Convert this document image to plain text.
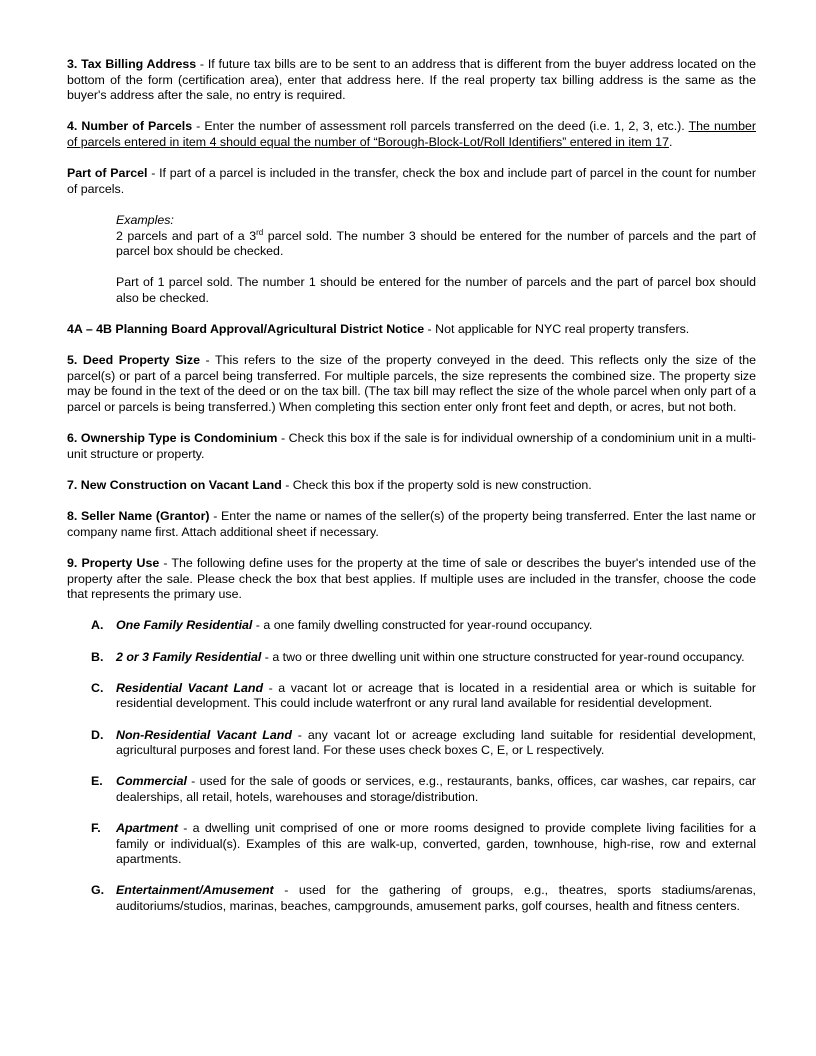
3. Tax Billing Address - If future tax bills are to be sent to an address that is different from the buyer address located on the bottom of the form (certification area), enter that address here. If the real property tax billing address is the same as the buyer's address after the sale, no entry is required.

4. Number of Parcels - Enter the number of assessment roll parcels transferred on the deed (i.e. 1, 2, 3, etc.). The number of parcels entered in item 4 should equal the number of “Borough-Block-Lot/Roll Identifiers” entered in item 17.

Part of Parcel - If part of a parcel is included in the transfer, check the box and include part of parcel in the count for number of parcels.

Examples:

2 parcels and part of a 3rd parcel sold. The number 3 should be entered for the number of parcels and the part of parcel box should be checked.

Part of 1 parcel sold. The number 1 should be entered for the number of parcels and the part of parcel box should also be checked.

4A – 4B Planning Board Approval/Agricultural District Notice - Not applicable for NYC real property transfers.

5. Deed Property Size - This refers to the size of the property conveyed in the deed. This reflects only the size of the parcel(s) or part of a parcel being transferred. For multiple parcels, the size represents the combined size. The property size may be found in the text of the deed or on the tax bill. (The tax bill may reflect the size of the whole parcel when only part of a parcel or parcels is being transferred.) When completing this section enter only front feet and depth, or acres, but not both.

6. Ownership Type is Condominium - Check this box if the sale is for individual ownership of a condominium unit in a multi-unit structure or property.

7. New Construction on Vacant Land - Check this box if the property sold is new construction.

8. Seller Name (Grantor) - Enter the name or names of the seller(s) of the property being transferred. Enter the last name or company name first. Attach additional sheet if necessary.

9. Property Use - The following define uses for the property at the time of sale or describes the buyer's intended use of the property after the sale. Please check the box that best applies. If multiple uses are included in the transfer, choose the code that represents the primary use.

A. One Family Residential - a one family dwelling constructed for year-round occupancy.

B. 2 or 3 Family Residential - a two or three dwelling unit within one structure constructed for year-round occupancy.

C. Residential Vacant Land - a vacant lot or acreage that is located in a residential area or which is suitable for residential development. This could include waterfront or any rural land available for residential development.

D. Non-Residential Vacant Land - any vacant lot or acreage excluding land suitable for residential development, agricultural purposes and forest land. For these uses check boxes C, E, or L respectively.

E. Commercial - used for the sale of goods or services, e.g., restaurants, banks, offices, car washes, car repairs, car dealerships, all retail, hotels, warehouses and storage/distribution.

F. Apartment - a dwelling unit comprised of one or more rooms designed to provide complete living facilities for a family or individual(s). Examples of this are walk-up, converted, garden, townhouse, high-rise, row and external apartments.

G. Entertainment/Amusement - used for the gathering of groups, e.g., theatres, sports stadiums/arenas, auditoriums/studios, marinas, beaches, campgrounds, amusement parks, golf courses, health and fitness centers.
